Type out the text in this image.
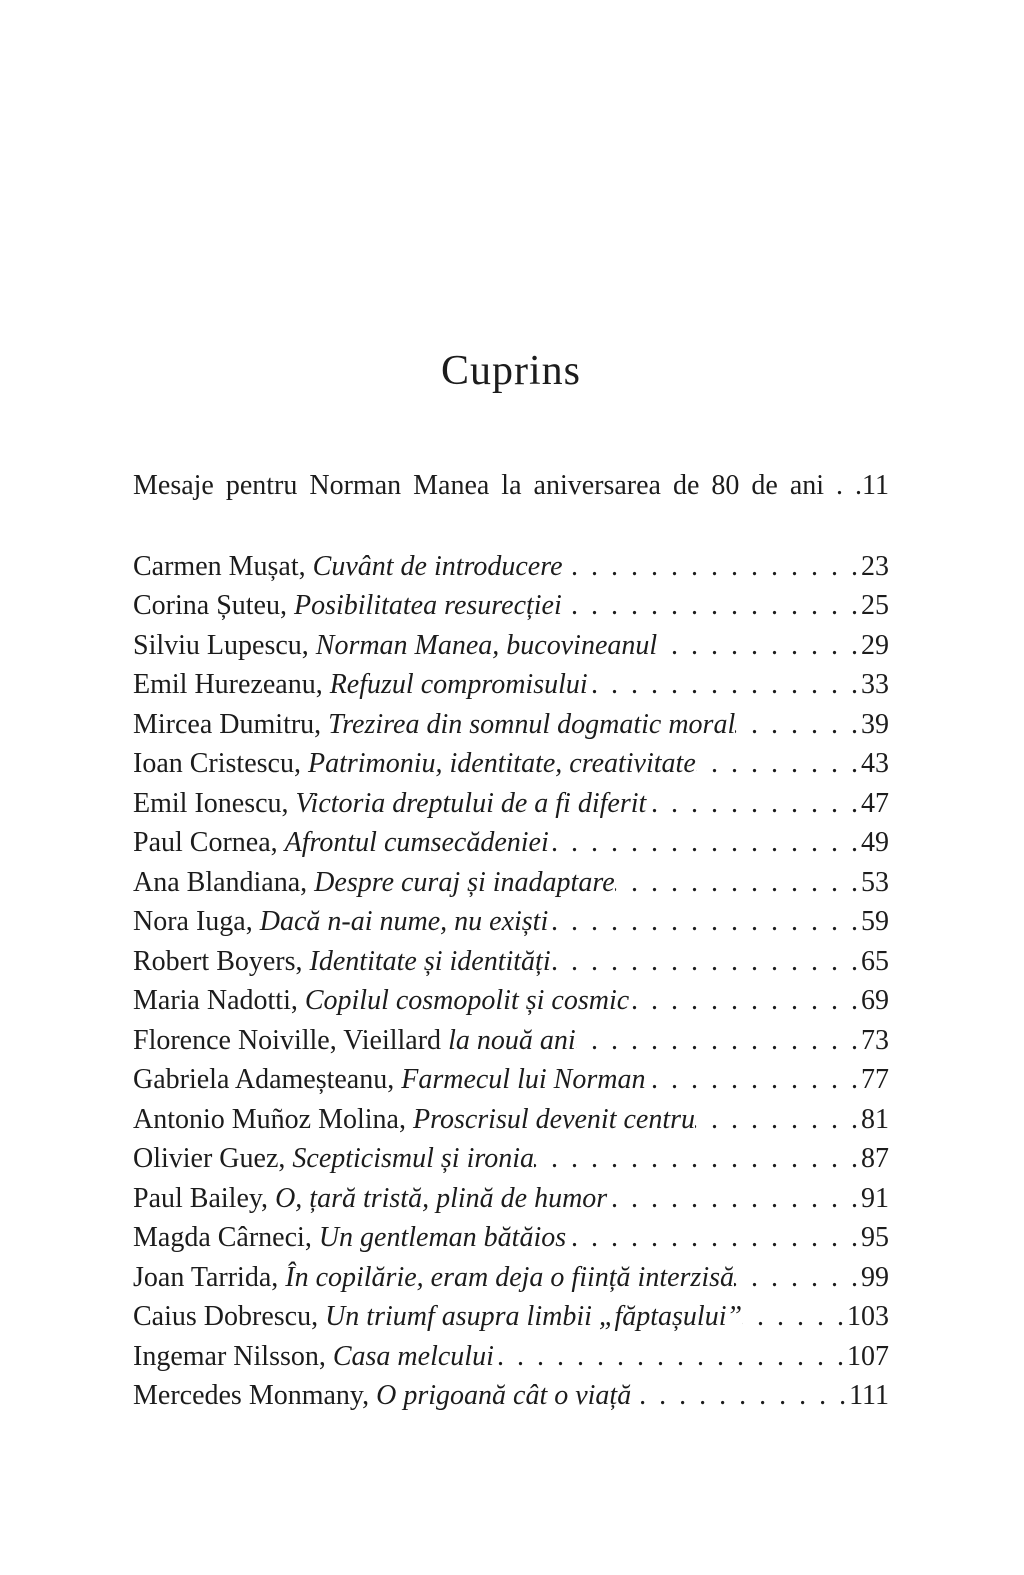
Cuprins
Mesaje pentru Norman Manea la aniversarea de 80 de ani . .11
Carmen Mușat, Cuvânt de introducere . . .	23
Corina Șuteu, Posibilitatea resurecției . . .	25
Silviu Lupescu, Norman Manea, bucovineanul . . .	29
Emil Hurezeanu, Refuzul compromisului . . .	33
Mircea Dumitru, Trezirea din somnul dogmatic moral . . .	39
Ioan Cristescu, Patrimoniu, identitate, creativitate . . .	43
Emil Ionescu, Victoria dreptului de a fi diferit . . .	47
Paul Cornea, Afrontul cumsecădeniei . . .	49
Ana Blandiana, Despre curaj și inadaptare . . .	53
Nora Iuga, Dacă n-ai nume, nu exiști . . .	59
Robert Boyers, Identitate și identități . . .	65
Maria Nadotti, Copilul cosmopolit și cosmic . . .	69
Florence Noiville, Vieillard la nouă ani . . .	73
Gabriela Adameșteanu, Farmecul lui Norman . . .	77
Antonio Muñoz Molina, Proscrisul devenit centru . . .	81
Olivier Guez, Scepticismul și ironia . . .	87
Paul Bailey, O, țară tristă, plină de humor . . .	91
Magda Cârneci, Un gentleman bătăios . . .	95
Joan Tarrida, În copilărie, eram deja o ființă interzisă . . .	99
Caius Dobrescu, Un triumf asupra limbii „făptașului” . . .	103
Ingemar Nilsson, Casa melcului . . .	107
Mercedes Monmany, O prigoană cât o viață . . .	111
